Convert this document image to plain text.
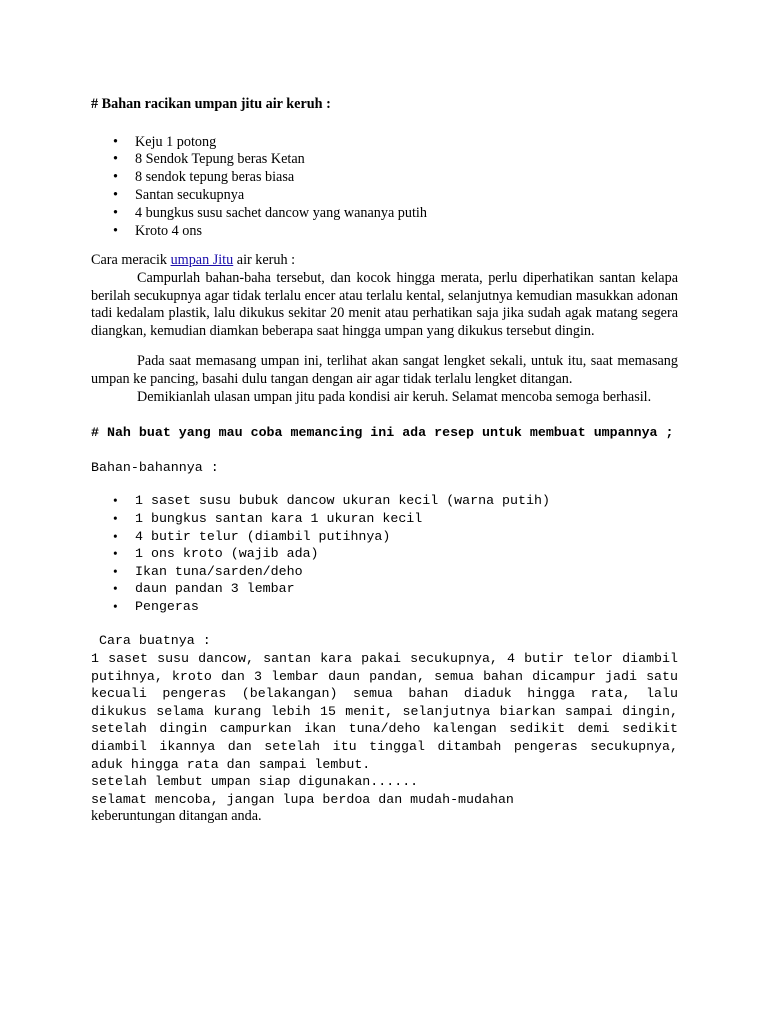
# Bahan racikan umpan jitu air keruh :

• Keju 1 potong
• 8 Sendok Tepung beras Ketan
• 8 sendok tepung beras biasa
• Santan secukupnya
• 4 bungkus susu sachet dancow yang wananya putih
• Kroto 4 ons

Cara meracik umpan Jitu air keruh :

Campurlah bahan-baha tersebut, dan kocok hingga merata, perlu diperhatikan santan kelapa berilah secukupnya agar tidak terlalu encer atau terlalu kental, selanjutnya kemudian masukkan adonan tadi kedalam plastik, lalu dikukus sekitar 20 menit atau perhatikan saja jika sudah agak matang segera diangkan, kemudian diamkan beberapa saat hingga umpan yang dikukus tersebut dingin.

Pada saat memasang umpan ini, terlihat akan sangat lengket sekali, untuk itu, saat memasang umpan ke pancing, basahi dulu tangan dengan air agar tidak terlalu lengket ditangan.

Demikianlah ulasan umpan jitu pada kondisi air keruh. Selamat mencoba semoga berhasil.

# Nah buat yang mau coba memancing ini ada resep untuk membuat umpannya ;

Bahan-bahannya :

• 1 saset susu bubuk dancow ukuran kecil (warna putih)
• 1 bungkus santan kara 1 ukuran kecil
• 4 butir telur (diambil putihnya)
• 1 ons kroto (wajib ada)
• Ikan tuna/sarden/deho
• daun pandan 3 lembar
• Pengeras

Cara buatnya :

1 saset susu dancow, santan kara pakai secukupnya, 4 butir telor diambil putihnya, kroto dan 3 lembar daun pandan, semua bahan dicampur jadi satu kecuali pengeras (belakangan) semua bahan diaduk hingga rata, lalu dikukus selama kurang lebih 15 menit, selanjutnya biarkan sampai dingin, setelah dingin campurkan ikan tuna/deho kalengan sedikit demi sedikit diambil ikannya dan setelah itu tinggal ditambah pengeras secukupnya, aduk hingga rata dan sampai lembut.

setelah lembut umpan siap digunakan......

selamat mencoba, jangan lupa berdoa dan mudah-mudahan
keberuntungan ditangan anda.
